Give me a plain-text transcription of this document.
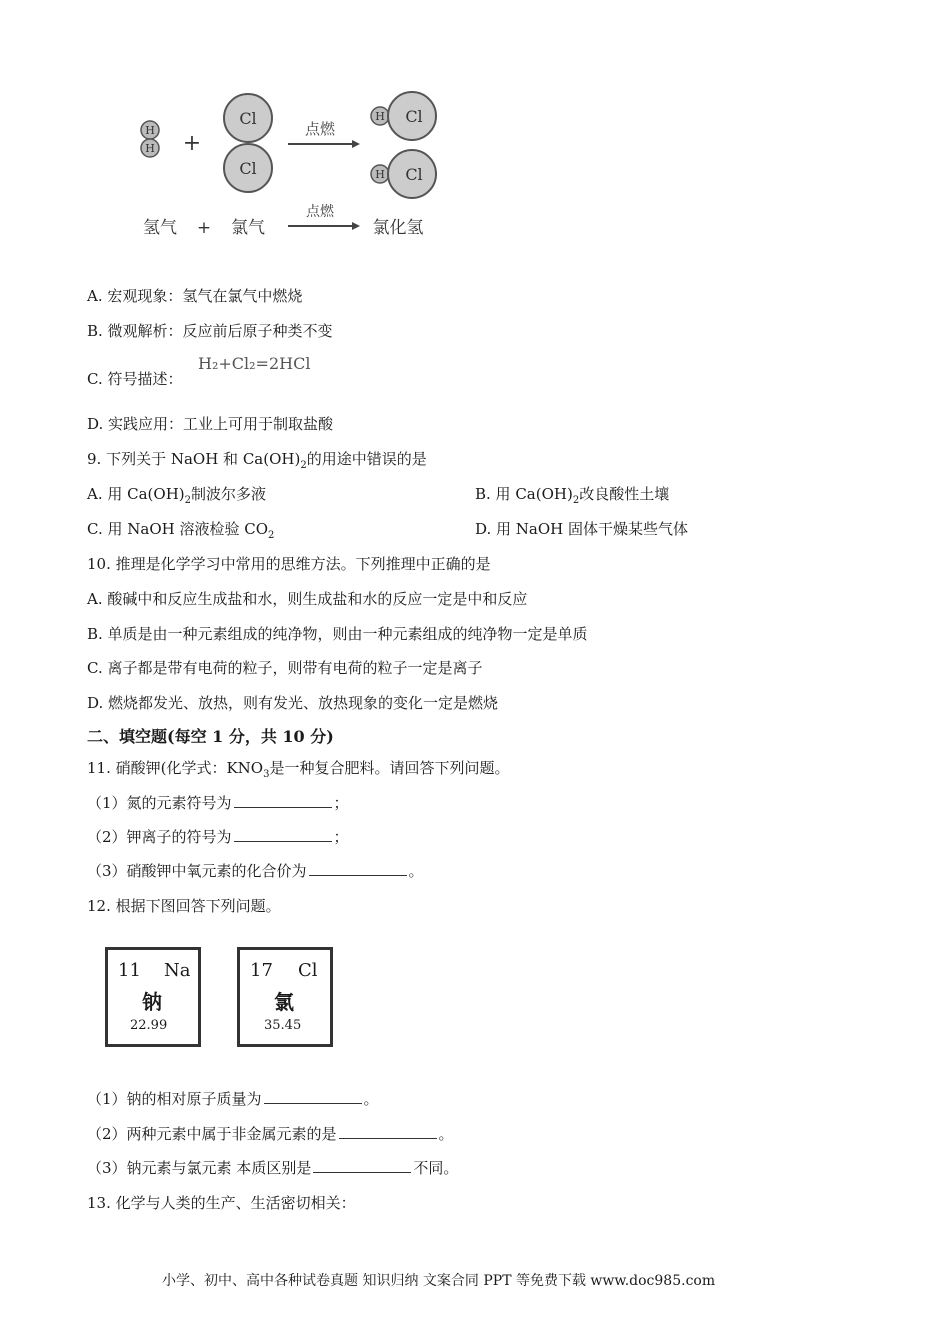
H
H +
Cl
Cl
点燃
H Cl
H Cl
氢气 + 氯气
点燃
氯化氢
A. 宏观现象：氢气在氯气中燃烧
B. 微观解析：反应前后原子种类不变
C. 符号描述：
H₂+Cl₂=2HCl
D. 实践应用：工业上可用于制取盐酸
9. 下列关于 NaOH 和 $Ca(OH)_2$的用途中错误的是
A. 用 $Ca(OH)_2$制波尔多液	B. 用 $Ca(OH)_2$改良酸性土壤
C. 用 NaOH 溶液检验 $CO_2$	D. 用 NaOH 固体干燥某些气体
10. 推理是化学学习中常用的思维方法。下列推理中正确的是
A. 酸碱中和反应生成盐和水，则生成盐和水的反应一定是中和反应
B. 单质是由一种元素组成的纯净物，则由一种元素组成的纯净物一定是单质
C. 离子都是带有电荷的粒子，则带有电荷的粒子一定是离子
D. 燃烧都发光、放热，则有发光、放热现象的变化一定是燃烧
二、填空题(每空 1 分，共 10 分)
11. 硝酸钾(化学式：$KNO_3$是一种复合肥料。请回答下列问题。
（1）氮的元素符号为	；
（2）钾离子的符号为	；
（3）硝酸钾中氧元素的化合价为	。
12. 根据下图回答下列问题。
11 Na
钠
22.99
17 Cl
氯
35.45
（1）钠的相对原子质量为	。
（2）两种元素中属于非金属元素的是	。
（3）钠元素与氯元素 本质区别是	不同。
13. 化学与人类的生产、生活密切相关：
小学、初中、高中各种试卷真题 知识归纳 文案合同 PPT 等免费下载 www.doc985.com
